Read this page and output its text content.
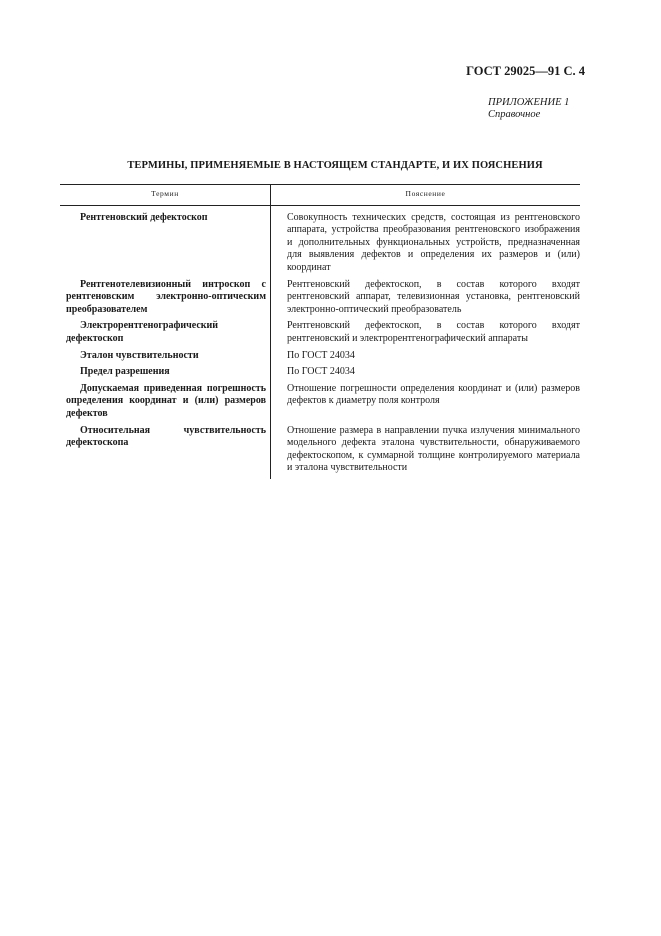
ГОСТ 29025—91 С. 4
ПРИЛОЖЕНИЕ 1
Справочное
ТЕРМИНЫ, ПРИМЕНЯЕМЫЕ В НАСТОЯЩЕМ СТАНДАРТЕ, И ИХ ПОЯСНЕНИЯ
Термин	Пояснение
Рентгеновский дефектоскоп	Совокупность технических средств, состоящая из рентгеновского аппарата, устройства преобразования рентгеновского изображения и дополнительных функциональных устройств, предназначенная для выявления дефектов и определения их размеров и (или) координат
Рентгенотелевизионный интроскоп с рентгеновским электронно-оптическим преобразователем	Рентгеновский дефектоскоп, в состав которого входят рентгеновский аппарат, телевизионная установка, рентгеновский электронно-оптический преобразователь
Электрорентгенографический дефектоскоп	Рентгеновский дефектоскоп, в состав которого входят рентгеновский и электрорентгенографический аппараты
Эталон чувствительности	По ГОСТ 24034
Предел разрешения	По ГОСТ 24034
Допускаемая приведенная погрешность определения координат и (или) размеров дефектов	Отношение погрешности определения координат и (или) размеров дефектов к диаметру поля контроля
Относительная чувствительность дефектоскопа	Отношение размера в направлении пучка излучения минимального модельного дефекта эталона чувствительности, обнаруживаемого дефектоскопом, к суммарной толщине контролируемого материала и эталона чувствительности
